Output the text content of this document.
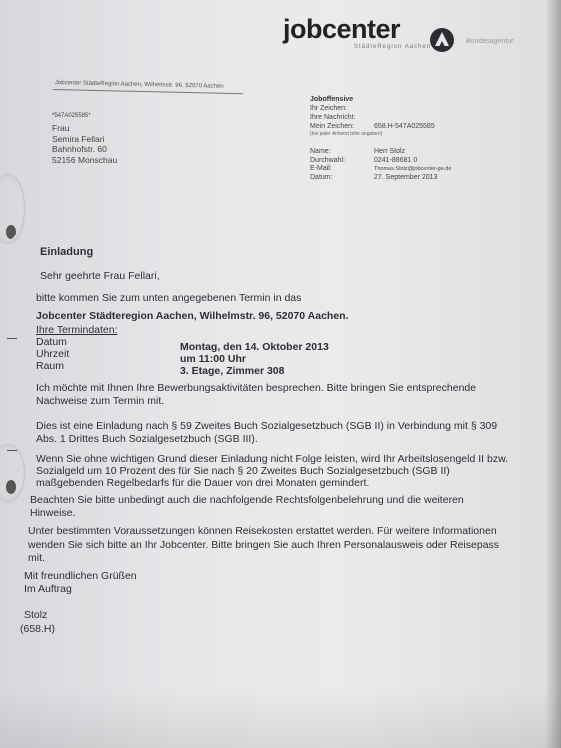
jobcenter
StädteRegion Aachen
Bundesagentur
Jobcenter StädteRegion Aachen, Wilhelmstr. 96, 52070 Aachen
*547A025585*
Frau
Semira Fellari
Bahnhofstr. 60
52156 Monschau
Joboffensive
Ihr Zeichen:
Ihre Nachricht:
Mein Zeichen:	658.H-547A025585
(bei jeder Antwort bitte angeben)
Name:	Herr Stolz
Durchwahl:	0241-88681 0
E-Mail:	Thomas.Stolz@jobcenter-ge.de
Datum:	27. September 2013
Einladung
Sehr geehrte Frau Fellari,
bitte kommen Sie zum unten angegebenen Termin in das
Jobcenter Städteregion Aachen, Wilhelmstr. 96, 52070 Aachen.
Ihre Termindaten:
Datum	Montag, den 14. Oktober 2013
Uhrzeit	um 11:00 Uhr
Raum	3. Etage, Zimmer 308
Ich möchte mit Ihnen Ihre Bewerbungsaktivitäten besprechen. Bitte bringen Sie entsprechende
Nachweise zum Termin mit.
Dies ist eine Einladung nach § 59 Zweites Buch Sozialgesetzbuch (SGB II) in Verbindung mit § 309
Abs. 1 Drittes Buch Sozialgesetzbuch (SGB III).
Wenn Sie ohne wichtigen Grund dieser Einladung nicht Folge leisten, wird Ihr Arbeitslosengeld II bzw.
Sozialgeld um 10 Prozent des für Sie nach § 20 Zweites Buch Sozialgesetzbuch (SGB II)
maßgebenden Regelbedarfs für die Dauer von drei Monaten gemindert.
Beachten Sie bitte unbedingt auch die nachfolgende Rechtsfolgenbelehrung und die weiteren
Hinweise.
Unter bestimmten Voraussetzungen können Reisekosten erstattet werden. Für weitere Informationen
wenden Sie sich bitte an Ihr Jobcenter. Bitte bringen Sie auch Ihren Personalausweis oder Reisepass
mit.
Mit freundlichen Grüßen
Im Auftrag
Stolz
(658.H)
